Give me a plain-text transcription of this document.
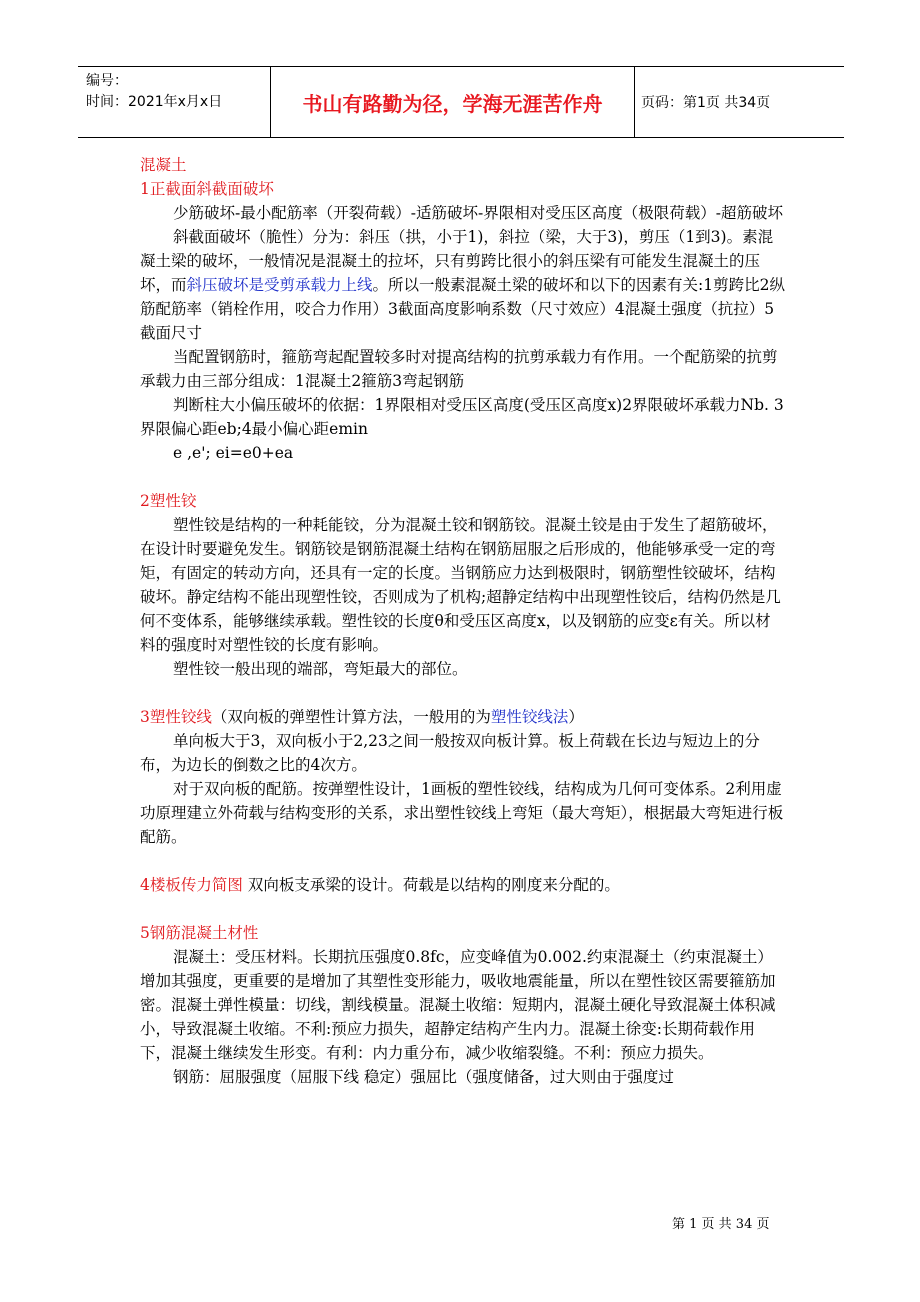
编号：
时间：2021年x月x日	书山有路勤为径，学海无涯苦作舟	页码：第1页 共34页

混凝土

1正截面斜截面破坏

少筋破坏-最小配筋率（开裂荷载）-适筋破坏-界限相对受压区高度（极限荷载）-超筋破坏

斜截面破坏（脆性）分为：斜压（拱，小于1)，斜拉（梁，大于3)，剪压（1到3)。素混凝土梁的破坏，一般情况是混凝土的拉坏，只有剪跨比很小的斜压梁有可能发生混凝土的压坏，而斜压破坏是受剪承载力上线。所以一般素混凝土梁的破坏和以下的因素有关:1剪跨比2纵筋配筋率（销栓作用，咬合力作用）3截面高度影响系数（尺寸效应）4混凝土强度（抗拉）5截面尺寸

当配置钢筋时，箍筋弯起配置较多时对提高结构的抗剪承载力有作用。一个配筋梁的抗剪承载力由三部分组成：1混凝土2箍筋3弯起钢筋

判断柱大小偏压破坏的依据：1界限相对受压区高度(受压区高度x)2界限破坏承载力Nb. 3界限偏心距eb;4最小偏心距emin

e ,e'; ei=e0+ea

2塑性铰

塑性铰是结构的一种耗能铰，分为混凝土铰和钢筋铰。混凝土铰是由于发生了超筋破坏，在设计时要避免发生。钢筋铰是钢筋混凝土结构在钢筋屈服之后形成的，他能够承受一定的弯矩，有固定的转动方向，还具有一定的长度。当钢筋应力达到极限时，钢筋塑性铰破坏，结构破坏。静定结构不能出现塑性铰，否则成为了机构;超静定结构中出现塑性铰后，结构仍然是几何不变体系，能够继续承载。塑性铰的长度θ和受压区高度x，以及钢筋的应变ε有关。所以材料的强度时对塑性铰的长度有影响。

塑性铰一般出现的端部，弯矩最大的部位。

3塑性铰线（双向板的弹塑性计算方法，一般用的为塑性铰线法）

单向板大于3，双向板小于2,23之间一般按双向板计算。板上荷载在长边与短边上的分布，为边长的倒数之比的4次方。

对于双向板的配筋。按弹塑性设计，1画板的塑性铰线，结构成为几何可变体系。2利用虚功原理建立外荷载与结构变形的关系，求出塑性铰线上弯矩（最大弯矩），根据最大弯矩进行板配筋。

4楼板传力简图 双向板支承梁的设计。荷载是以结构的刚度来分配的。

5钢筋混凝土材性

混凝土：受压材料。长期抗压强度0.8fc，应变峰值为0.002.约束混凝土（约束混凝土）增加其强度，更重要的是增加了其塑性变形能力，吸收地震能量，所以在塑性铰区需要箍筋加密。混凝土弹性模量：切线，割线模量。混凝土收缩：短期内，混凝土硬化导致混凝土体积减小，导致混凝土收缩。不利:预应力损失，超静定结构产生内力。混凝土徐变:长期荷载作用下，混凝土继续发生形变。有利：内力重分布，减少收缩裂缝。不利：预应力损失。

钢筋：屈服强度（屈服下线 稳定）强屈比（强度储备，过大则由于强度过

第 1 页 共 34 页
